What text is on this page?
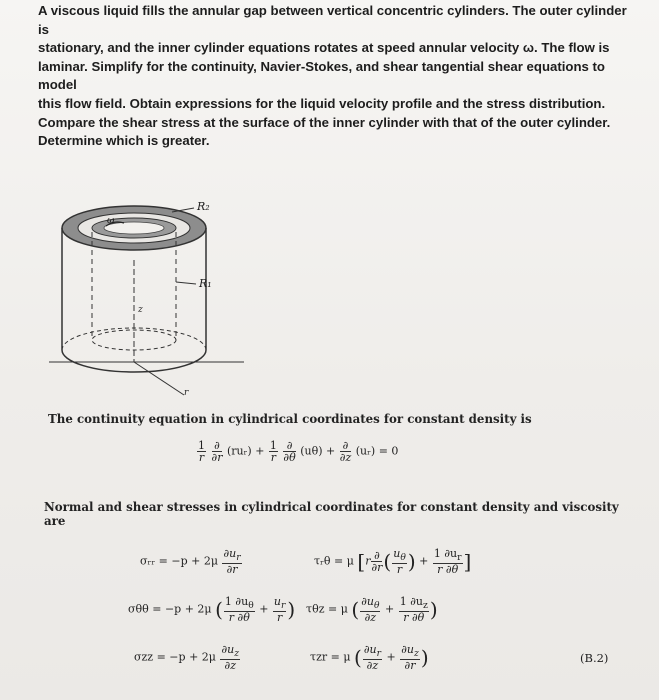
A viscous liquid fills the annular gap between vertical concentric cylinders. The outer cylinder is

stationary, and the inner cylinder equations rotates at speed annular velocity ω. The flow is

laminar. Simplify for the continuity, Navier-Stokes, and shear tangential shear equations to model

this flow field. Obtain expressions for the liquid velocity profile and the stress distribution.

Compare the shear stress at the surface of the inner cylinder with that of the outer cylinder.

Determine which is greater.

R₂
R₁
ω
z
r
The continuity equation in cylindrical coordinates for constant density is
$\frac{1}{r}$
$\frac{\partial}{\partial r}$ (ruᵣ) + $\frac{1}{r}$
$\frac{\partial}{\partial\theta} (u\theta) + \frac{\partial}{\partial z}$ (uᵣ) = 0
Normal and shear stresses in cylindrical coordinates for constant density and viscosity
are
σᵣᵣ = $-p + 2\mu \frac{\partial u_r}{\partial r}$
σθθ = −p + 2μ ( $\frac{1 \partial u_\theta}{r \partial\theta} + \frac{u_r}{r}$ )
$\sigma zz = -p + 2\mu \frac{\partial u_z}{\partial z}$
τᵣθ = μ [$r \frac{\partial}{\partial r}$ ( $\frac{u_\theta}{r}$ ) + $\frac{1 \partial u_r}{r \partial\theta}$ ]
τθz = μ ( $\frac{\partial u_\theta}{\partial z} + \frac{1 \partial u_z}{r \partial\theta}$ )
τzr = μ ( $\frac{\partial u_r}{\partial z} + \frac{\partial u_z}{\partial r}$ )	(B.2)
